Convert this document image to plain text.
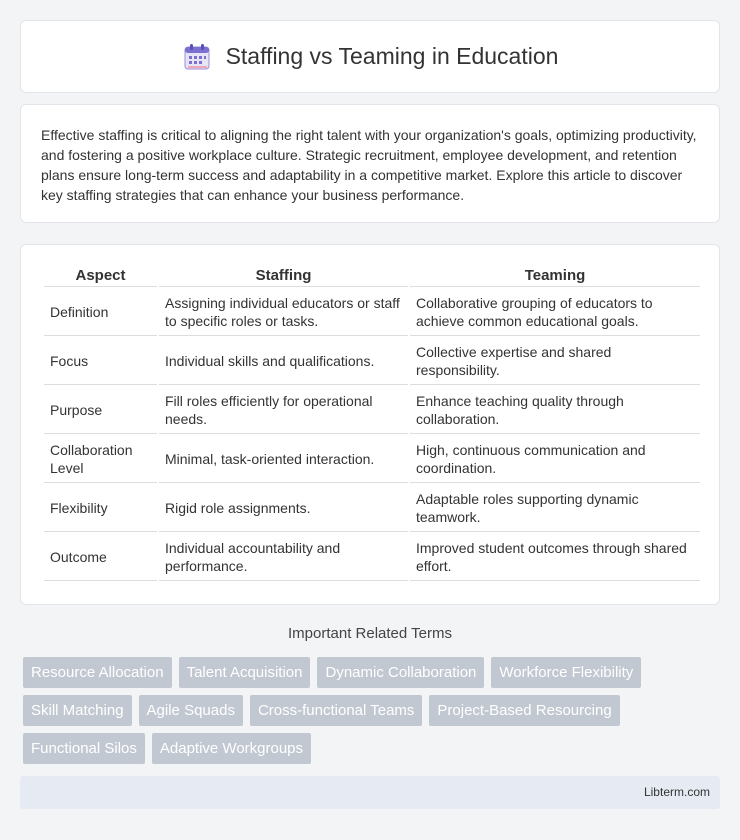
Staffing vs Teaming in Education

Effective staffing is critical to aligning the right talent with your organization's goals, optimizing productivity, and fostering a positive workplace culture. Strategic recruitment, employee development, and retention plans ensure long-term success and adaptability in a competitive market. Explore this article to discover key staffing strategies that can enhance your business performance.

Aspect	Staffing	Teaming
Definition	Assigning individual educators or staff to specific roles or tasks.	Collaborative grouping of educators to achieve common educational goals.
Focus	Individual skills and qualifications.	Collective expertise and shared responsibility.
Purpose	Fill roles efficiently for operational needs.	Enhance teaching quality through collaboration.
Collaboration Level	Minimal, task-oriented interaction.	High, continuous communication and coordination.
Flexibility	Rigid role assignments.	Adaptable roles supporting dynamic teamwork.
Outcome	Individual accountability and performance.	Improved student outcomes through shared effort.
Important Related Terms
Resource Allocation	Talent Acquisition	Dynamic Collaboration	Workforce Flexibility
Skill Matching	Agile Squads	Cross-functional Teams	Project-Based Resourcing
Functional Silos	Adaptive Workgroups
Libterm.com
